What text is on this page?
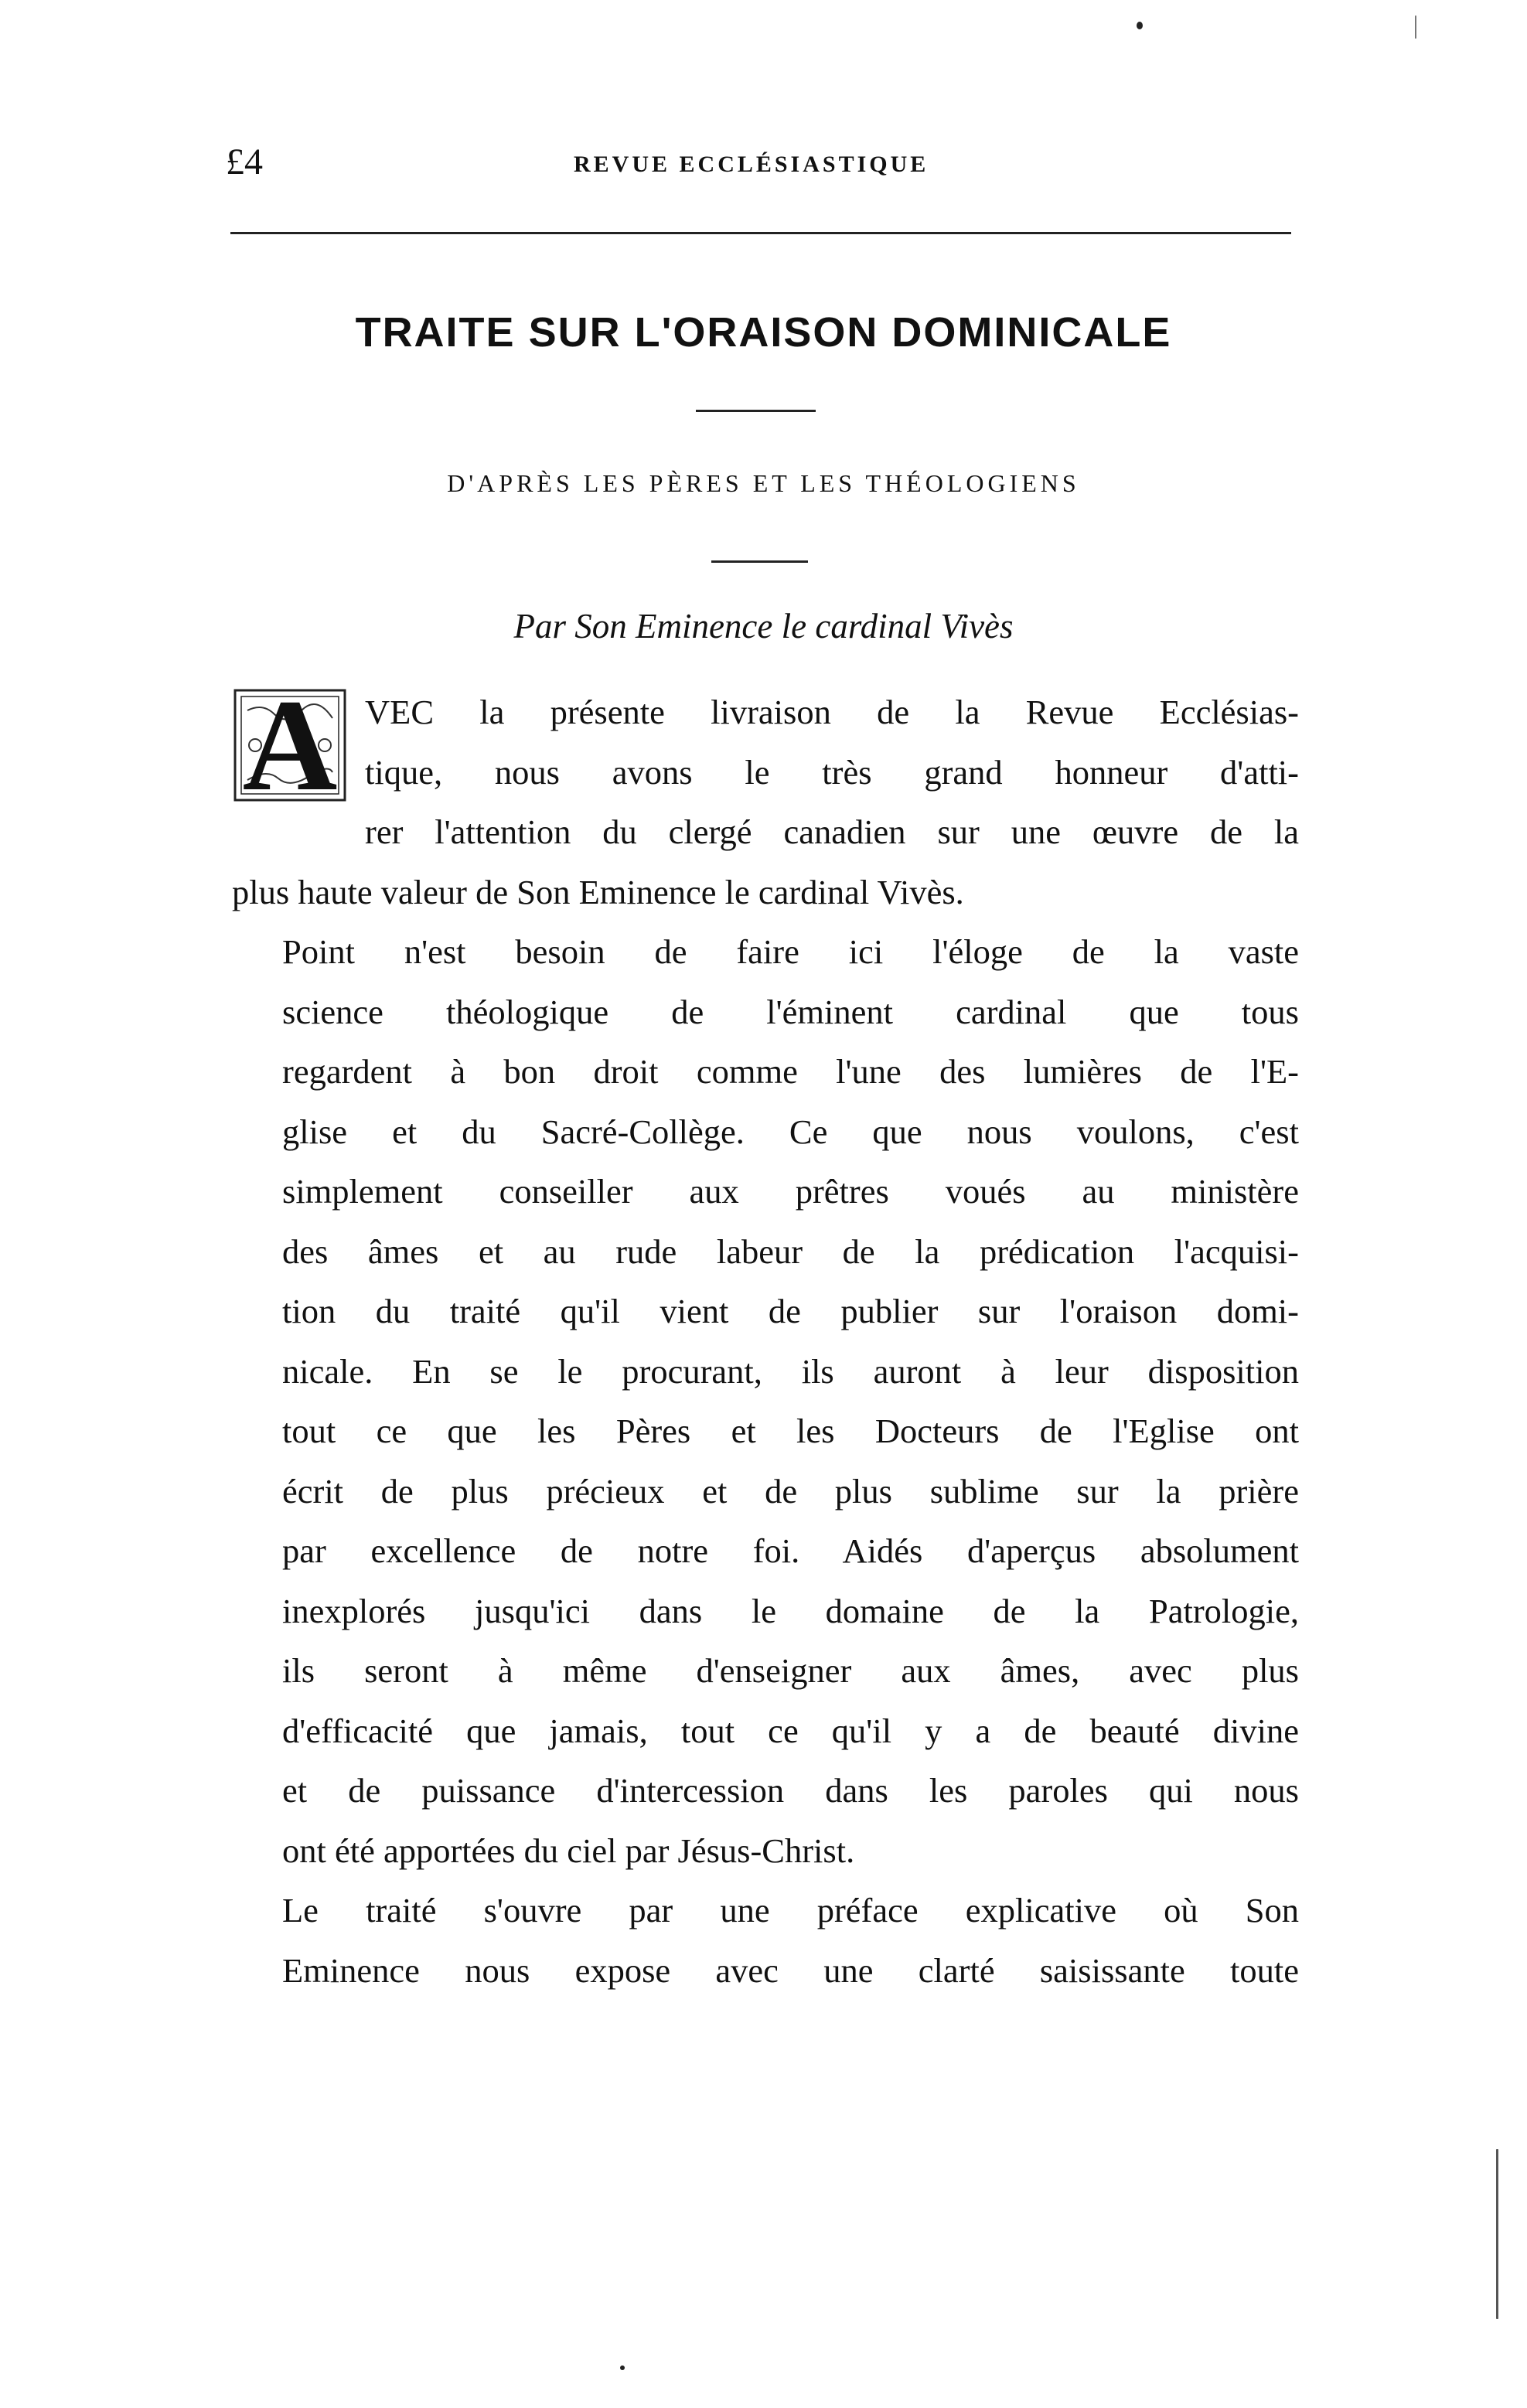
£4	REVUE ECCLÉSIASTIQUE
TRAITE SUR L'ORAISON DOMINICALE
D'APRÈS LES PÈRES ET LES THÉOLOGIENS
Par Son Eminence le cardinal Vivès

A VEC la présente livraison de la Revue Ecclésias-
tique, nous avons le très grand honneur d'atti-
rer l'attention du clergé canadien sur une œuvre de la
plus haute valeur de Son Eminence le cardinal Vivès.

Point n'est besoin de faire ici l'éloge de la vaste
science théologique de l'éminent cardinal que tous
regardent à bon droit comme l'une des lumières de l'E-
glise et du Sacré-Collège. Ce que nous voulons, c'est
simplement conseiller aux prêtres voués au ministère
des âmes et au rude labeur de la prédication l'acquisi-
tion du traité qu'il vient de publier sur l'oraison domi-
nicale. En se le procurant, ils auront à leur disposition
tout ce que les Pères et les Docteurs de l'Eglise ont
écrit de plus précieux et de plus sublime sur la prière
par excellence de notre foi. Aidés d'aperçus absolument
inexplorés jusqu'ici dans le domaine de la Patrologie,
ils seront à même d'enseigner aux âmes, avec plus
d'efficacité que jamais, tout ce qu'il y a de beauté divine
et de puissance d'intercession dans les paroles qui nous
ont été apportées du ciel par Jésus-Christ.

Le traité s'ouvre par une préface explicative où Son
Eminence nous expose avec une clarté saisissante toute
